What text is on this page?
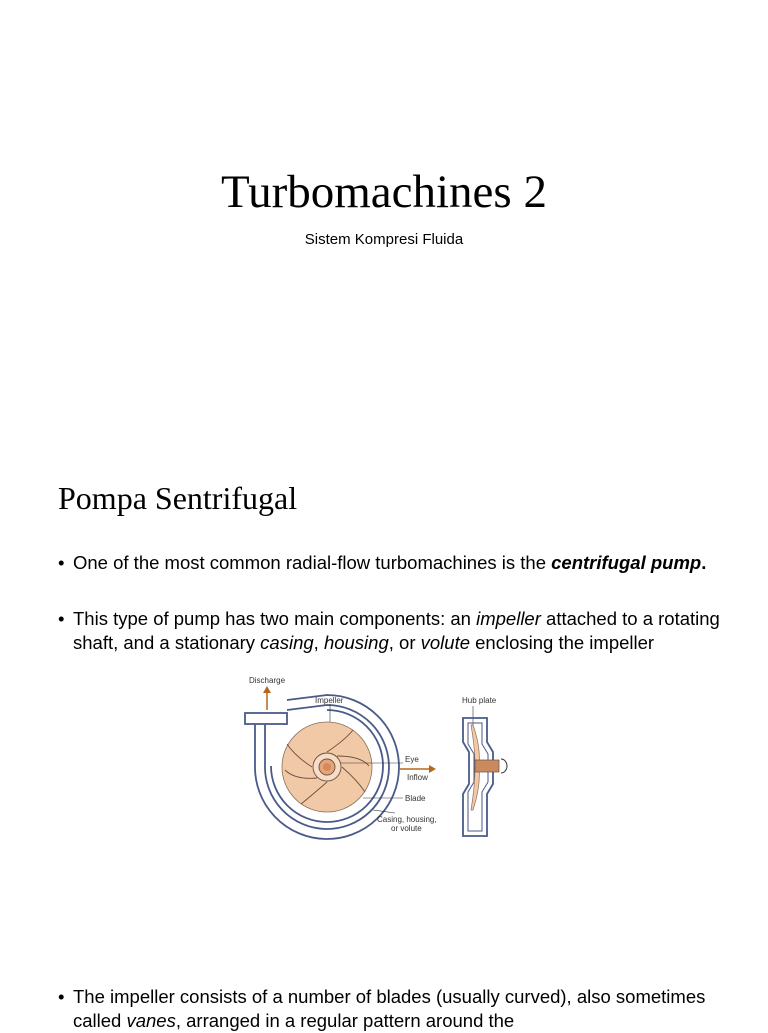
Turbomachines 2
Sistem Kompresi Fluida
Pompa Sentrifugal
• One of the most common radial-flow turbomachines is the centrifugal pump.
• This type of pump has two main components: an impeller attached to a rotating shaft, and a stationary casing, housing, or volute enclosing the impeller
Discharge
Impeller
Eye
Inflow
Blade
Casing, housing,
or volute
Hub plate
• The impeller consists of a number of blades (usually curved), also sometimes called vanes, arranged in a regular pattern around the
